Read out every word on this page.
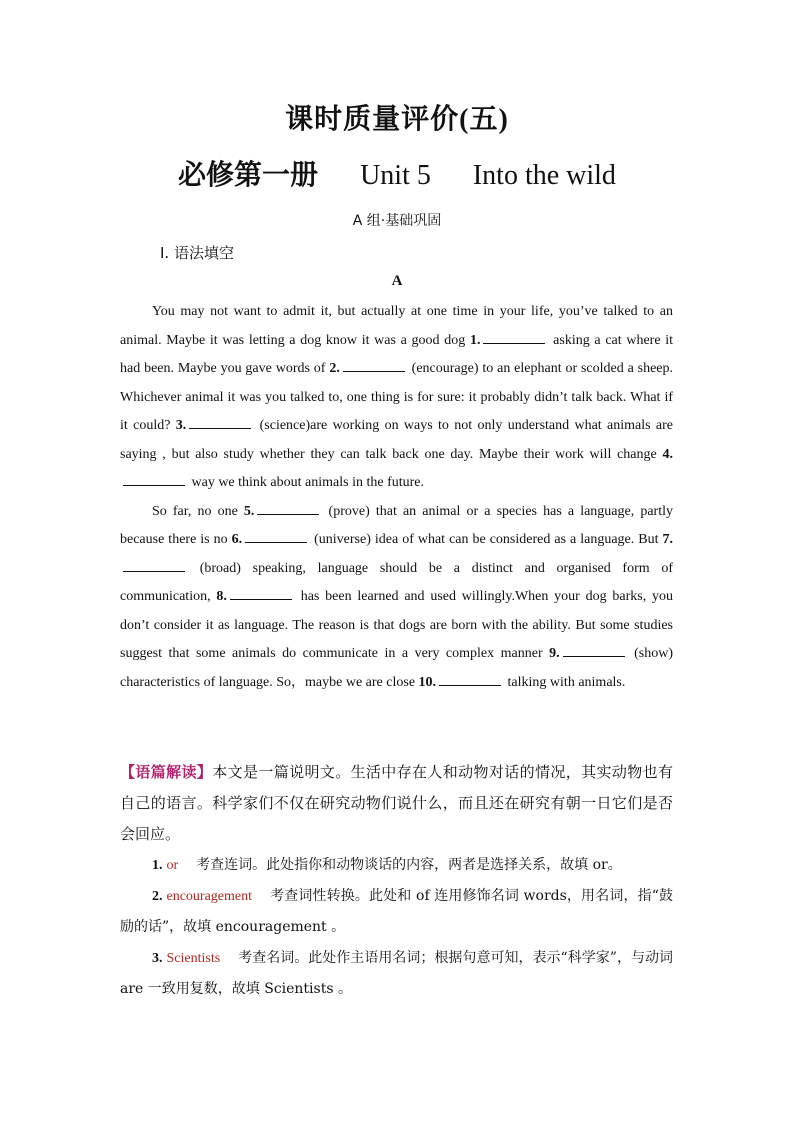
课时质量评价(五)
必修第一册 Unit 5 Into the wild
A 组·基础巩固
Ⅰ. 语法填空
A

You may not want to admit it, but actually at one time in your life, you’ve talked to an animal. Maybe it was letting a dog know it was a good dog 1.	asking a cat where it had been. Maybe you gave words of 2.	(encourage) to an elephant or scolded a sheep. Whichever animal it was you talked to, one thing is for sure: it probably didn’t talk back. What if it could? 3.	(science)are working on ways to not only understand what animals are saying , but also study whether they can talk back one day. Maybe their work will change 4. way we think about animals in the future.

So far, no one 5.	(prove) that an animal or a species has a language, partly because there is no 6.	(universe) idea of what can be considered as a language. But 7. (broad) speaking, language should be a distinct and organised form of communication, 8.	has been learned and used willingly.When your dog barks, you don’t consider it as language. The reason is that dogs are born with the ability. But some studies suggest that some animals do communicate in a very complex manner 9.	(show) characteristics of language. So，maybe we are close 10.	talking with animals.

【语篇解读】本文是一篇说明文。生活中存在人和动物对话的情况，其实动物也有自己的语言。科学家们不仅在研究动物们说什么，而且还在研究有朝一日它们是否会回应。

1. or 考查连词。此处指你和动物谈话的内容，两者是选择关系，故填 or。

2. encouragement 考查词性转换。此处和 of 连用修饰名词 words，用名词，指“鼓励的话”，故填 encouragement 。

3. Scientists 考查名词。此处作主语用名词；根据句意可知，表示“科学家”，与动词 are 一致用复数，故填 Scientists 。
